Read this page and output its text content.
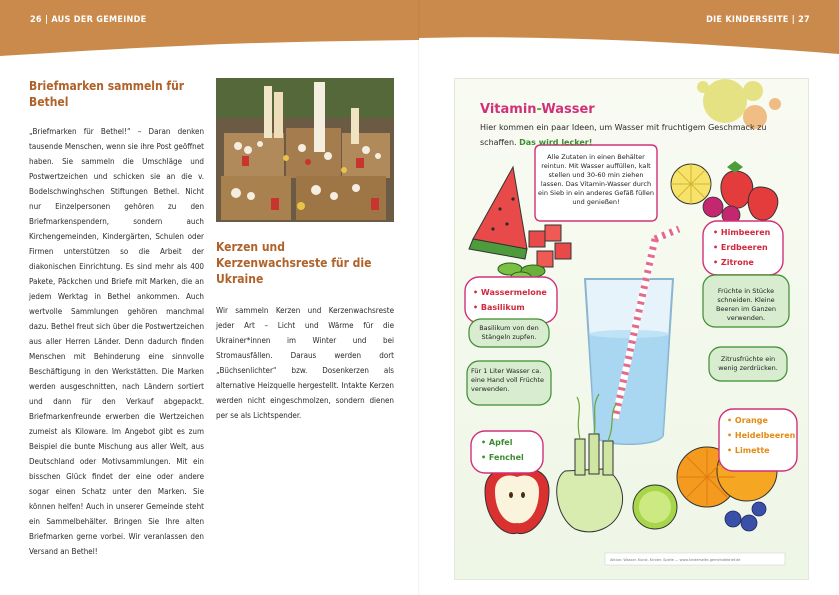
26 | AUS DER GEMEINDE	DIE KINDERSEITE | 27
Briefmarken sammeln für Bethel

„Briefmarken für Bethel!“ – Daran denken tausende Menschen, wenn sie ihre Post geöffnet haben. Sie sammeln die Umschläge und Postwertzeichen und schicken sie an die v. Bodelschwinghschen Stiftungen Bethel. Nicht nur Einzelpersonen gehören zu den Briefmarkenspendern, sondern auch Kirchengemeinden, Kindergärten, Schulen oder Firmen unterstützen so die Arbeit der diakonischen Einrichtung. Es sind mehr als 400 Pakete, Päckchen und Briefe mit Marken, die an jedem Werktag in Bethel ankommen. Auch wertvolle Sammlungen gehören manchmal dazu. Bethel freut sich über die Postwertzeichen aus aller Herren Länder. Denn dadurch finden Menschen mit Behinderung eine sinnvolle Beschäftigung in den Werkstätten. Die Marken werden ausgeschnitten, nach Ländern sortiert und dann für den Verkauf abgepackt. Briefmarkenfreunde erwerben die Wertzeichen zumeist als Kiloware. Im Angebot gibt es zum Beispiel die bunte Mischung aus aller Welt, aus Deutschland oder Motivsammlungen. Mit ein bisschen Glück findet der eine oder andere sogar einen Schatz unter den Marken. Sie können helfen! Auch in unserer Gemeinde steht ein Sammelbehälter. Bringen Sie Ihre alten Briefmarken gerne vorbei. Wir veranlassen den Versand an Bethel!

Kerzen und Kerzenwachsreste für die Ukraine

Wir sammeln Kerzen und Kerzenwachsreste jeder Art – Licht und Wärme für die Ukrainer*innen im Winter und bei Stromausfällen. Daraus werden dort „Büchsenlichter“ bzw. Dosenkerzen als alternative Heizquelle hergestellt. Intakte Kerzen werden nicht eingeschmolzen, sondern dienen per se als Lichtspender.

Vitamin-Wasser
Hier kommen ein paar Ideen, um Wasser mit fruchtigem Geschmack zu schaffen. Das wird lecker!
Alle Zutaten in einen Behälter reintun. Mit Wasser auffüllen, kalt stellen und 30-60 min ziehen lassen. Das Vitamin-Wasser durch ein Sieb in ein anderes Gefäß füllen und genießen!
• Himbeeren
• Erdbeeren
• Zitrone
• Wassermelone
• Basilikum
Basilikum von den Stängeln zupfen.
Früchte in Stücke schneiden. Kleine Beeren im Ganzen verwenden.
Zitrusfrüchte ein wenig zerdrücken.
Für 1 Liter Wasser ca. eine Hand voll Früchte verwenden.
• Orange
• Heidelbeeren
• Limette
• Apfel
• Fenchel
Aktion: Wasser. Kunst. Kinder. Spiele — www.kinderseite-gemeindebrief.de
